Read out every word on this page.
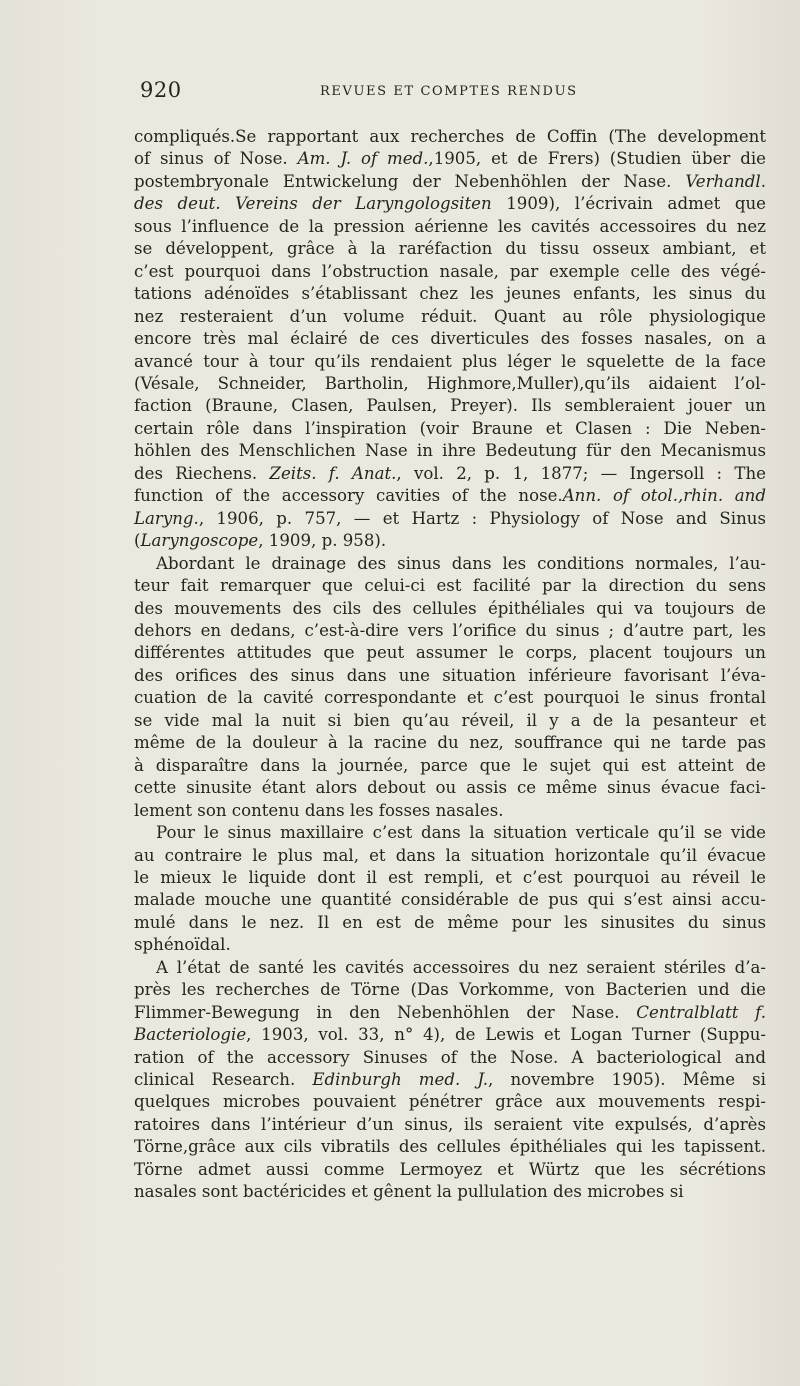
920	REVUES ET COMPTES RENDUS
compliqués.Se rapportant aux recherches de Coffin (The development
of sinus of Nose. Am. J. of med.,1905, et de Frers) (Studien über die
postembryonale Entwickelung der Nebenhöhlen der Nase. Verhandl.
des deut. Vereins der Laryngologsiten 1909), l’écrivain admet que
sous l’influence de la pression aérienne les cavités accessoires du nez
se développent, grâce à la raréfaction du tissu osseux ambiant, et
c’est pourquoi dans l’obstruction nasale, par exemple celle des végé-
tations adénoïdes s’établissant chez les jeunes enfants, les sinus du
nez resteraient d’un volume réduit. Quant au rôle physiologique
encore très mal éclairé de ces diverticules des fosses nasales, on a
avancé tour à tour qu’ils rendaient plus léger le squelette de la face
(Vésale, Schneider, Bartholin, Highmore,Muller),qu’ils aidaient l’ol-
faction (Braune, Clasen, Paulsen, Preyer). Ils sembleraient jouer un
certain rôle dans l’inspiration (voir Braune et Clasen : Die Neben-
höhlen des Menschlichen Nase in ihre Bedeutung für den Mecanismus
des Riechens. Zeits. f. Anat., vol. 2, p. 1, 1877; — Ingersoll : The
function of the accessory cavities of the nose.Ann. of otol.,rhin. and
Laryng., 1906, p. 757, — et Hartz : Physiology of Nose and Sinus
(Laryngoscope, 1909, p. 958).
Abordant le drainage des sinus dans les conditions normales, l’au-
teur fait remarquer que celui-ci est facilité par la direction du sens
des mouvements des cils des cellules épithéliales qui va toujours de
dehors en dedans, c’est-à-dire vers l’orifice du sinus ; d’autre part, les
différentes attitudes que peut assumer le corps, placent toujours un
des orifices des sinus dans une situation inférieure favorisant l’éva-
cuation de la cavité correspondante et c’est pourquoi le sinus frontal
se vide mal la nuit si bien qu’au réveil, il y a de la pesanteur et
même de la douleur à la racine du nez, souffrance qui ne tarde pas
à disparaître dans la journée, parce que le sujet qui est atteint de
cette sinusite étant alors debout ou assis ce même sinus évacue faci-
lement son contenu dans les fosses nasales.
Pour le sinus maxillaire c’est dans la situation verticale qu’il se vide
au contraire le plus mal, et dans la situation horizontale qu’il évacue
le mieux le liquide dont il est rempli, et c’est pourquoi au réveil le
malade mouche une quantité considérable de pus qui s’est ainsi accu-
mulé dans le nez. Il en est de même pour les sinusites du sinus
sphénoïdal.
A l’état de santé les cavités accessoires du nez seraient stériles d’a-
près les recherches de Törne (Das Vorkomme, von Bacterien und die
Flimmer-Bewegung in den Nebenhöhlen der Nase. Centralblatt f.
Bacteriologie, 1903, vol. 33, n° 4), de Lewis et Logan Turner (Suppu-
ration of the accessory Sinuses of the Nose. A bacteriological and
clinical Research. Edinburgh med. J., novembre 1905). Même si
quelques microbes pouvaient pénétrer grâce aux mouvements respi-
ratoires dans l’intérieur d’un sinus, ils seraient vite expulsés, d’après
Törne,grâce aux cils vibratils des cellules épithéliales qui les tapissent.
Törne admet aussi comme Lermoyez et Würtz que les sécrétions
nasales sont bactéricides et gênent la pullulation des microbes si
